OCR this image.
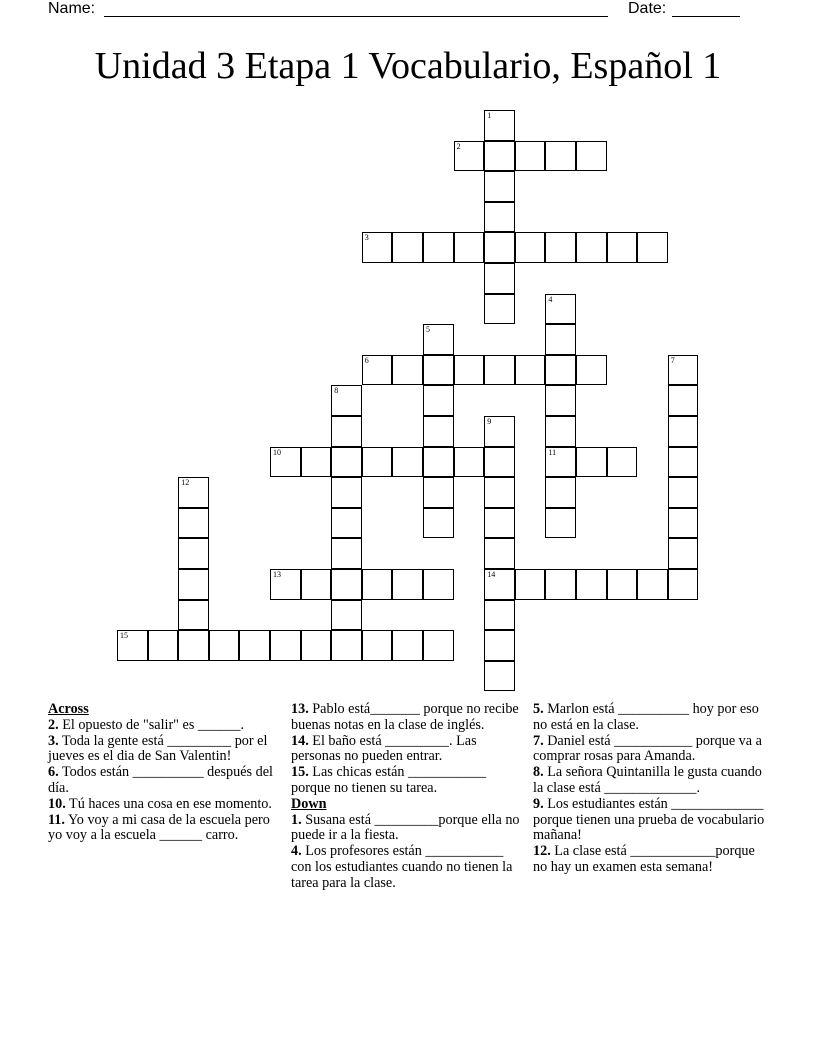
Name:	Date:
Unidad 3 Etapa 1 Vocabulario, Español 1
1
2
3
4
11
5
6	7
8
9
14
10
12
13
15
Across
2. El opuesto de "salir" es ______.
3. Toda la gente está _________ por el jueves es el dia de San Valentin!
6. Todos están __________ después del día.
10. Tú haces una cosa en ese momento.
11. Yo voy a mi casa de la escuela pero yo voy a la escuela ______ carro.
13. Pablo está_______ porque no recibe buenas notas en la clase de inglés.
14. El baño está _________. Las personas no pueden entrar.
15. Las chicas están ___________ porque no tienen su tarea.
Down
1. Susana está _________porque ella no puede ir a la fiesta.
4. Los profesores están ___________ con los estudiantes cuando no tienen la tarea para la clase.
5. Marlon está __________ hoy por eso no está en la clase.
7. Daniel está ___________ porque va a comprar rosas para Amanda.
8. La señora Quintanilla le gusta cuando la clase está _____________.
9. Los estudiantes están _____________ porque tienen una prueba de vocabulario mañana!
12. La clase está ____________porque no hay un examen esta semana!
